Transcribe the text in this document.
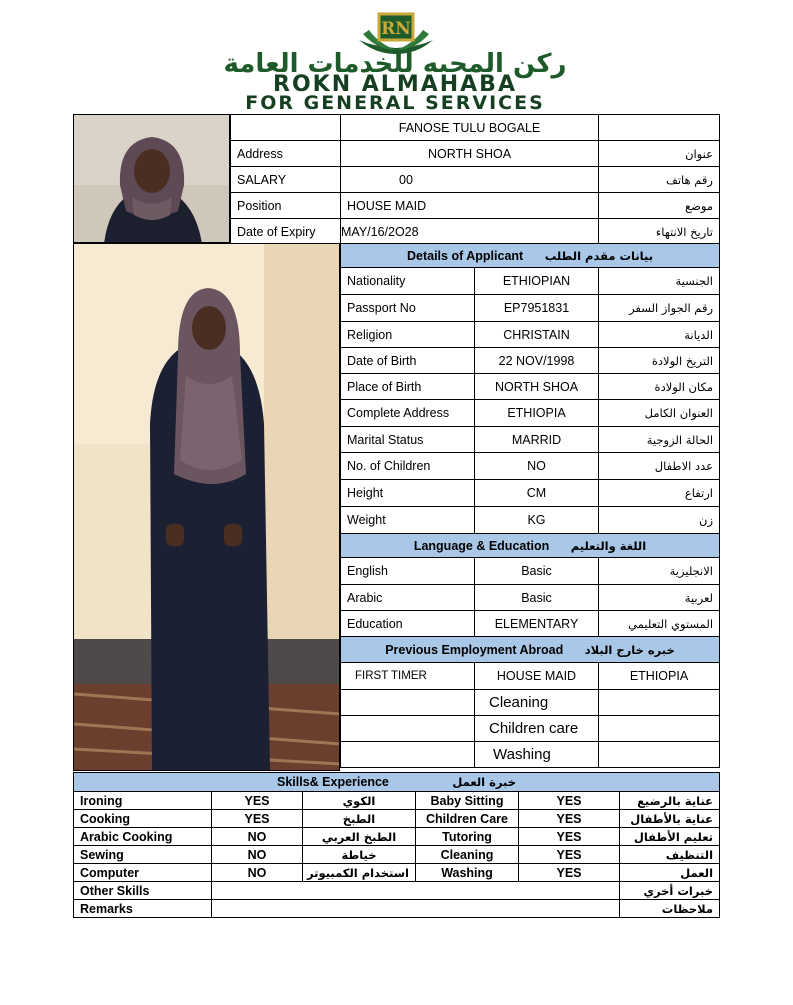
RN
ركن المحبه للخدمات العامة
ROKN ALMAHABA
FOR GENERAL SERVICES
	FANOSE TULU BOGALE	
Address	NORTH SHOA	عنوان
SALARY	00	رقم هاتف
Position	HOUSE MAID	موضع
Date of Expiry	MAY/16/2O28	تاريخ الانتهاء
Details of Applicant بيانات مقدم الطلب		
Nationality	ETHIOPIAN	الجنسية
Passport No	EP7951831	رقم الجواز السفر
Religion	CHRISTAIN	الديانة
Date of Birth	22 NOV/1998	التريخ الولادة
Place of Birth	NORTH SHOA	مكان الولادة
Complete Address	ETHIOPIA	العنوان الكامل
Marital Status	MARRID	الحالة الزوجية
No. of Children	NO	عدد الاطفال
Height	CM	ارتفاع
Weight	KG	زن
Language & Education اللغة والتعليم		
English	Basic	الانجليزية
Arabic	Basic	لعربية
Education	ELEMENTARY	المستوي التعليمي
Previous Employment Abroad خبره خارج البلاد		
FIRST TIMER	HOUSE MAID	ETHIOPIA
	Cleaning	
	Children care	
	Washing	
Skills& Experience خبرة العمل					
Ironing	YES	الكوي	Baby Sitting	YES	عناية بالرضيع
Cooking	YES	الطبخ	Children Care	YES	عناية بالأطفال
Arabic Cooking	NO	الطبخ العربي	Tutoring	YES	تعليم الأطفال
Sewing	NO	خياطة	Cleaning	YES	التنظيف
Computer	NO	استخدام الكمبيوتر	Washing	YES	العمل
Other Skills					خبرات أخري
Remarks					ملاحظات
